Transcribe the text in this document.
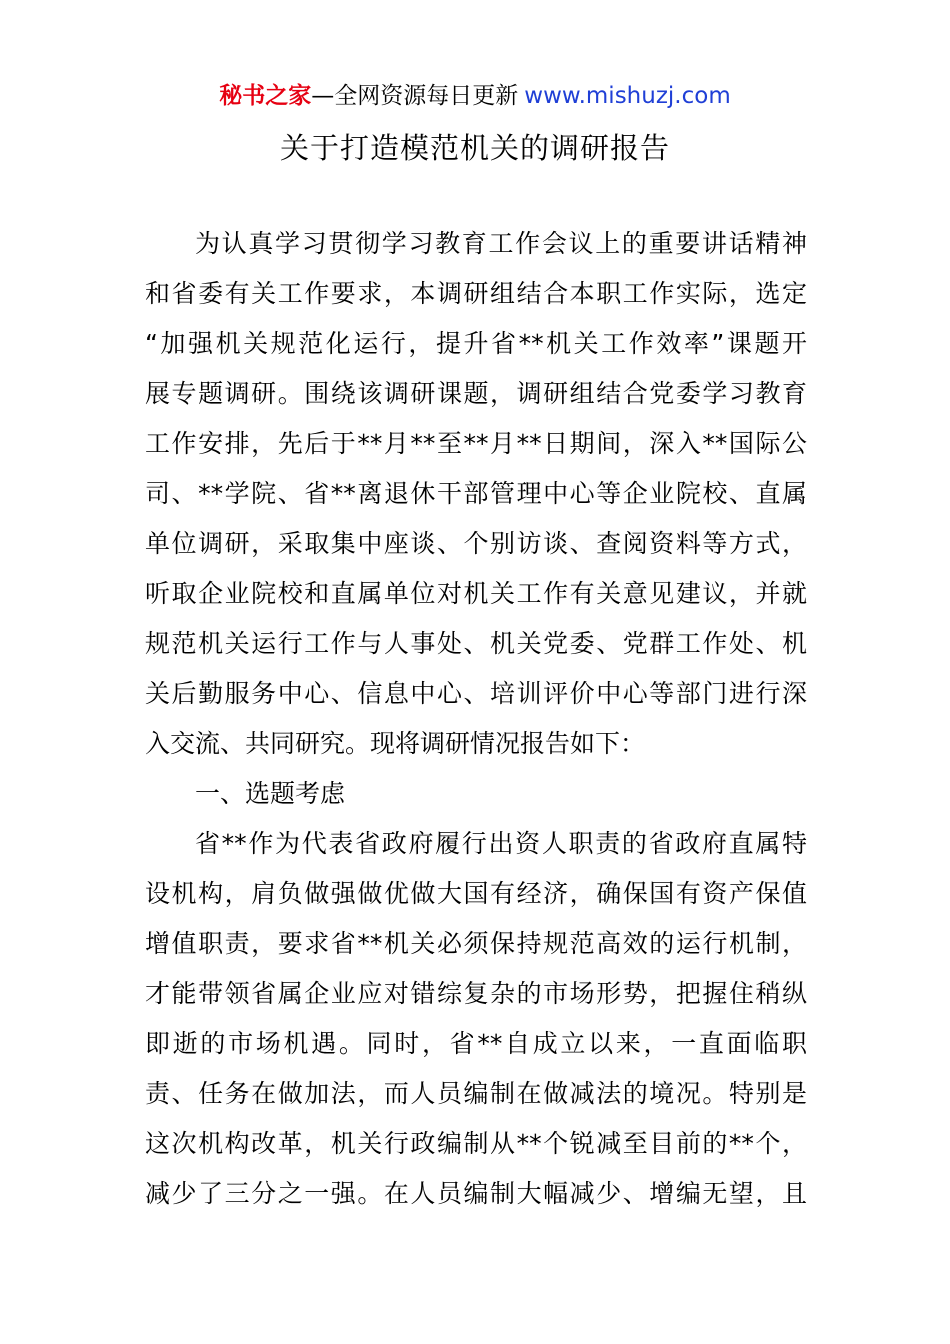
秘书之家—全网资源每日更新 www.mishuzj.com
关于打造模范机关的调研报告
为认真学习贯彻学习教育工作会议上的重要讲话精神
和省委有关工作要求，本调研组结合本职工作实际，选定
“加强机关规范化运行，提升省**机关工作效率”课题开
展专题调研。围绕该调研课题，调研组结合党委学习教育
工作安排，先后于**月**至**月**日期间，深入**国际公
司、**学院、省**离退休干部管理中心等企业院校、直属
单位调研，采取集中座谈、个别访谈、查阅资料等方式，
听取企业院校和直属单位对机关工作有关意见建议，并就
规范机关运行工作与人事处、机关党委、党群工作处、机
关后勤服务中心、信息中心、培训评价中心等部门进行深
入交流、共同研究。现将调研情况报告如下：
一、选题考虑
省**作为代表省政府履行出资人职责的省政府直属特
设机构，肩负做强做优做大国有经济，确保国有资产保值
增值职责，要求省**机关必须保持规范高效的运行机制，
才能带领省属企业应对错综复杂的市场形势，把握住稍纵
即逝的市场机遇。同时，省**自成立以来，一直面临职
责、任务在做加法，而人员编制在做减法的境况。特别是
这次机构改革，机关行政编制从**个锐减至目前的**个，
减少了三分之一强。在人员编制大幅减少、增编无望，且
